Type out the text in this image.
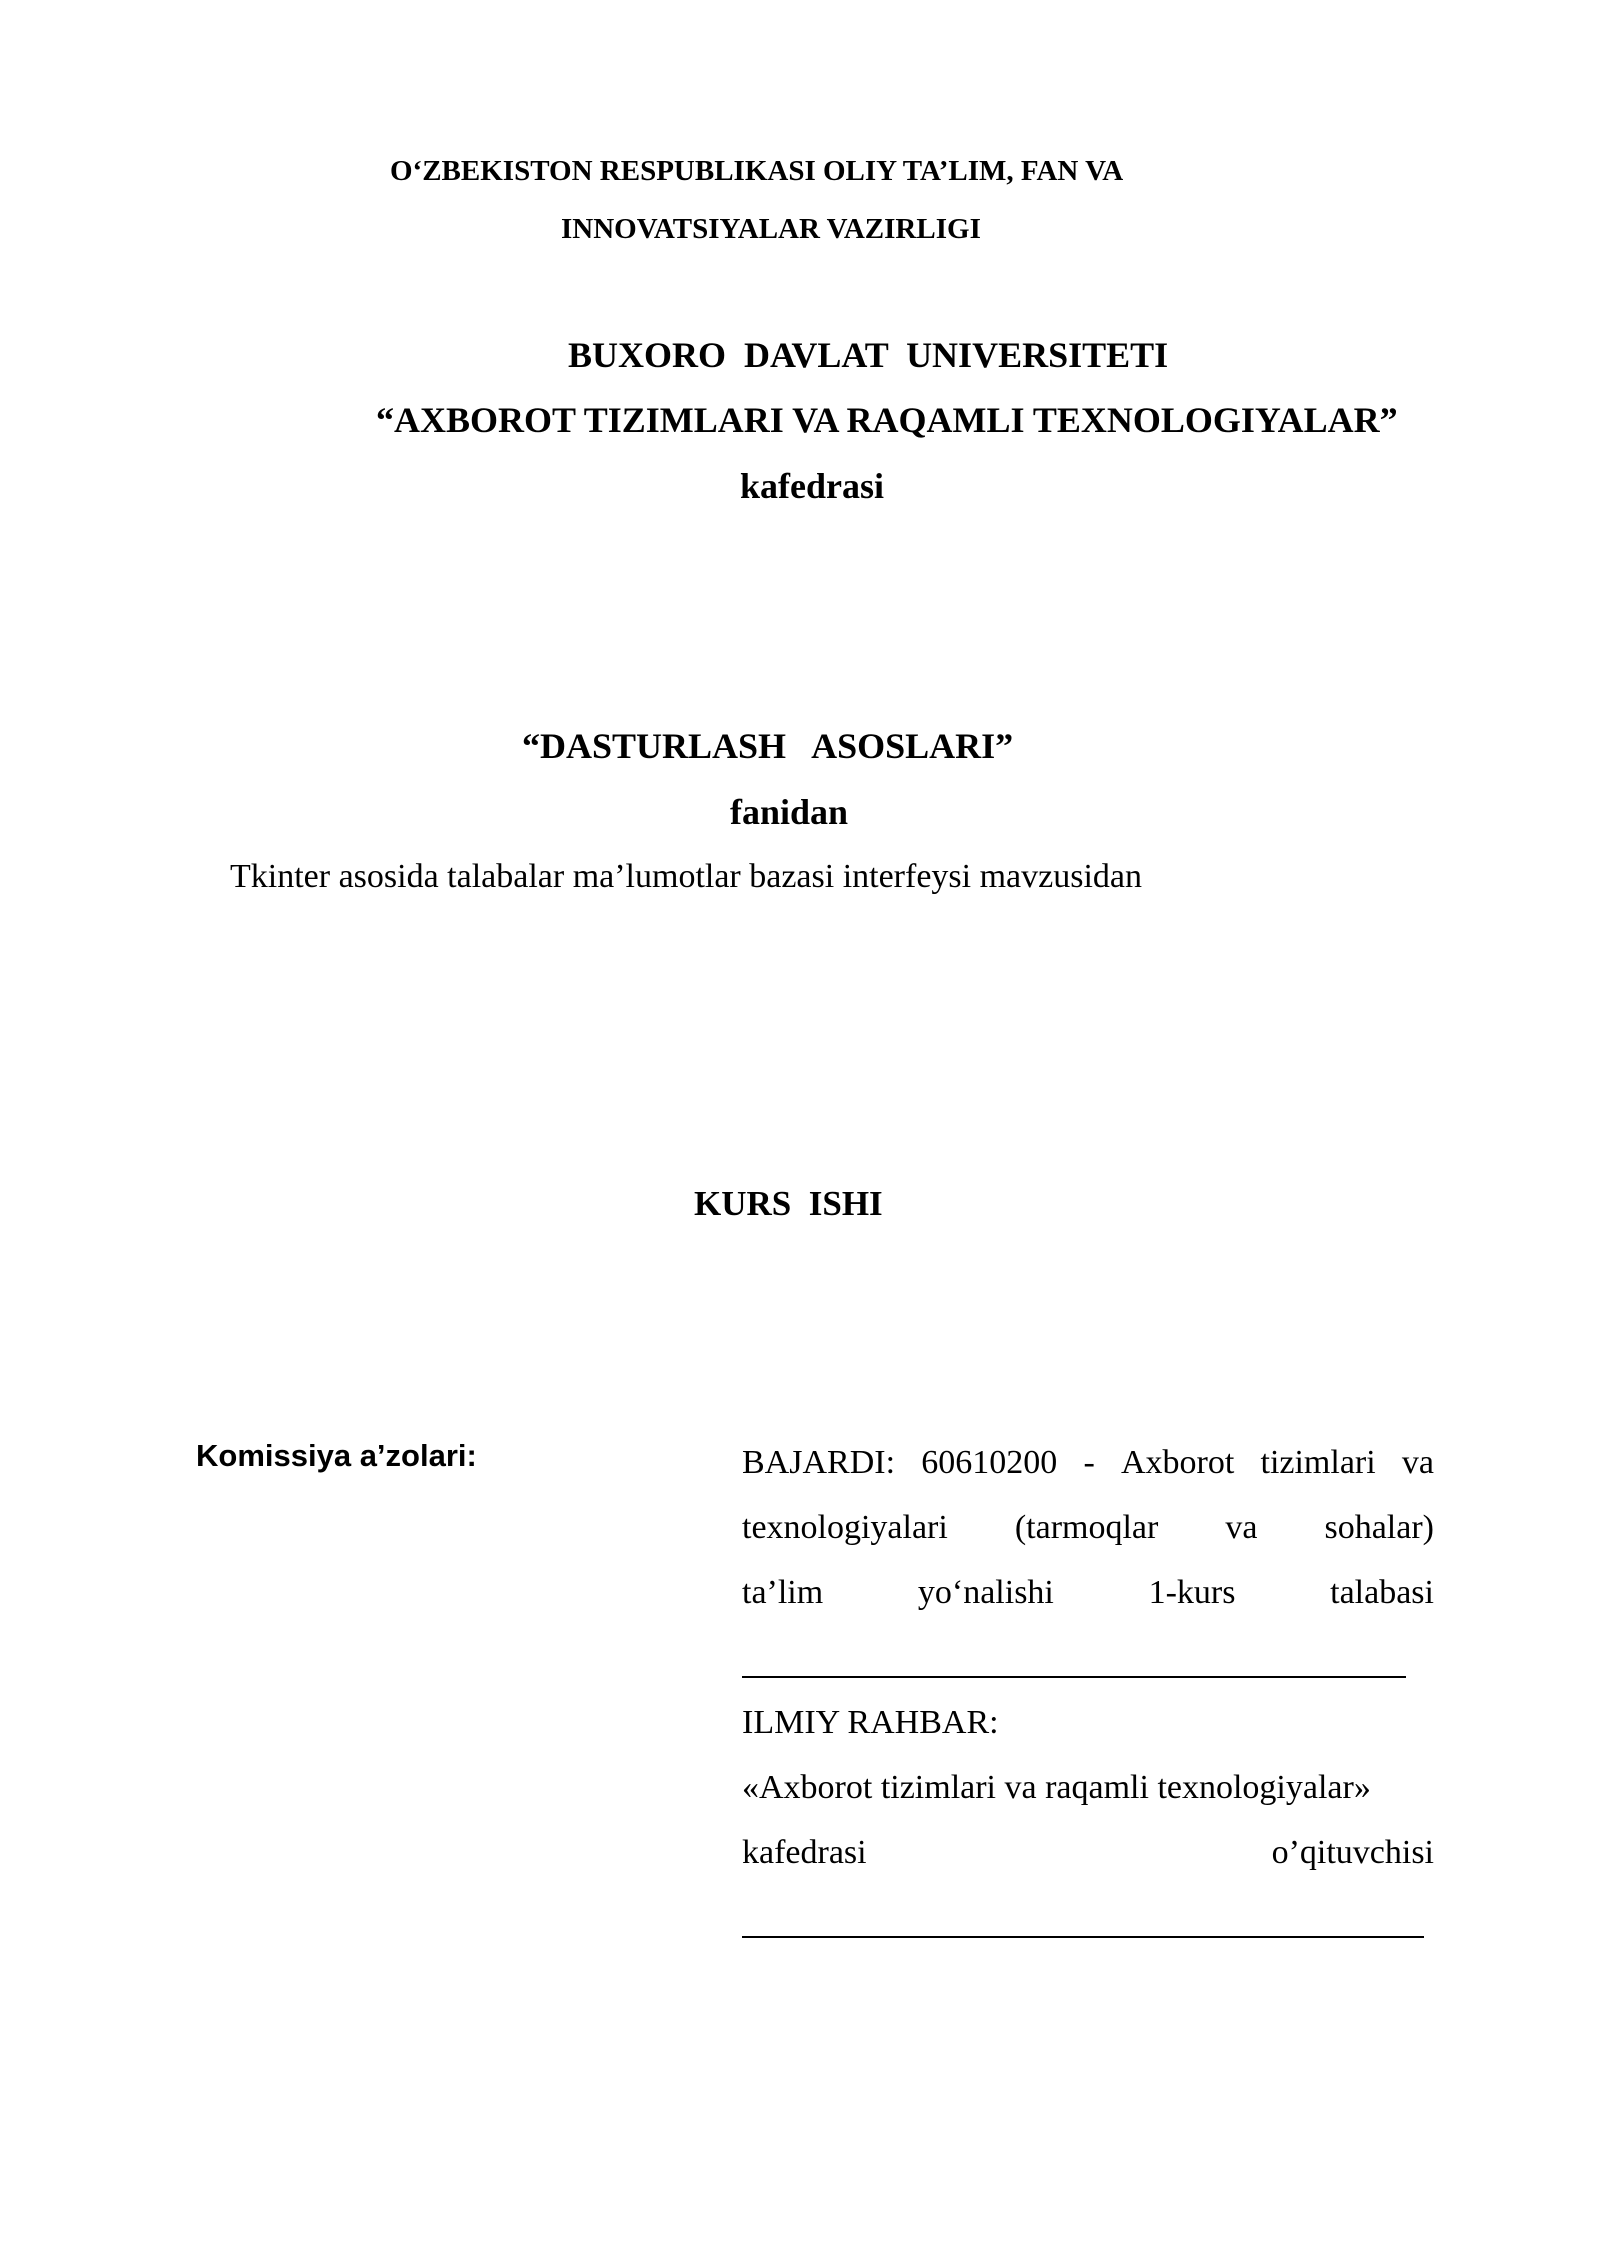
O‘ZBEKISTON RESPUBLIKASI OLIY TA’LIM, FAN VA
INNOVATSIYALAR VAZIRLIGI
BUXORO  DAVLAT  UNIVERSITETI
“AXBOROT TIZIMLARI VA RAQAMLI TEXNOLOGIYALAR”
kafedrasi
“DASTURLASH   ASOSLARI”
fanidan
Tkinter asosida talabalar ma’lumotlar bazasi interfeysi mavzusidan
KURS  ISHI
Komissiya a’zolari:	BAJARDI: 60610200 - Axborot tizimlari va
texnologiyalari (tarmoqlar va sohalar)
ta’lim	yo‘nalishi	1-kurs	talabasi
ILMIY RAHBAR:
«Axborot tizimlari va raqamli texnologiyalar»
kafedrasi	o’qituvchisi
